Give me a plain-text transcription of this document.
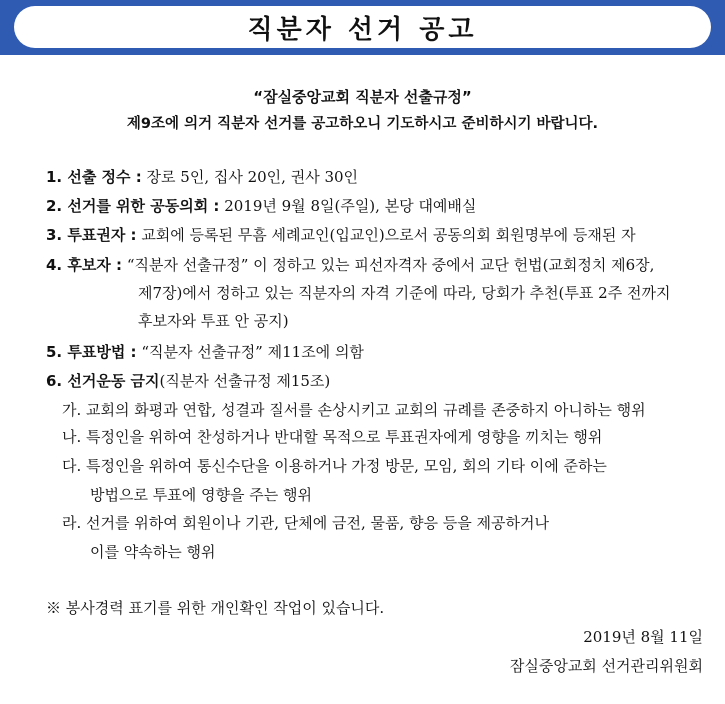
직분자 선거 공고
“잠실중앙교회 직분자 선출규정”
제9조에 의거 직분자 선거를 공고하오니 기도하시고 준비하시기 바랍니다.
1. 선출 정수 : 장로 5인, 집사 20인, 권사 30인
2. 선거를 위한 공동의회 : 2019년 9월 8일(주일), 본당 대예배실
3. 투표권자 : 교회에 등록된 무흠 세례교인(입교인)으로서 공동의회 회원명부에 등재된 자
4. 후보자 : “직분자 선출규정” 이 정하고 있는 피선자격자 중에서 교단 헌법(교회정치 제6장,
제7장)에서 정하고 있는 직분자의 자격 기준에 따라, 당회가 추천(투표 2주 전까지
후보자와 투표 안 공지)
5. 투표방법 : “직분자 선출규정” 제11조에 의함
6. 선거운동 금지(직분자 선출규정 제15조)
가. 교회의 화평과 연합, 성결과 질서를 손상시키고 교회의 규례를 존중하지 아니하는 행위
나. 특정인을 위하여 찬성하거나 반대할 목적으로 투표권자에게 영향을 끼치는 행위
다. 특정인을 위하여 통신수단을 이용하거나 가정 방문, 모임, 회의 기타 이에 준하는
방법으로 투표에 영향을 주는 행위
라. 선거를 위하여 회원이나 기관, 단체에 금전, 물품, 향응 등을 제공하거나
이를 약속하는 행위
※ 봉사경력 표기를 위한 개인확인 작업이 있습니다.
2019년 8월 11일
잠실중앙교회 선거관리위원회
